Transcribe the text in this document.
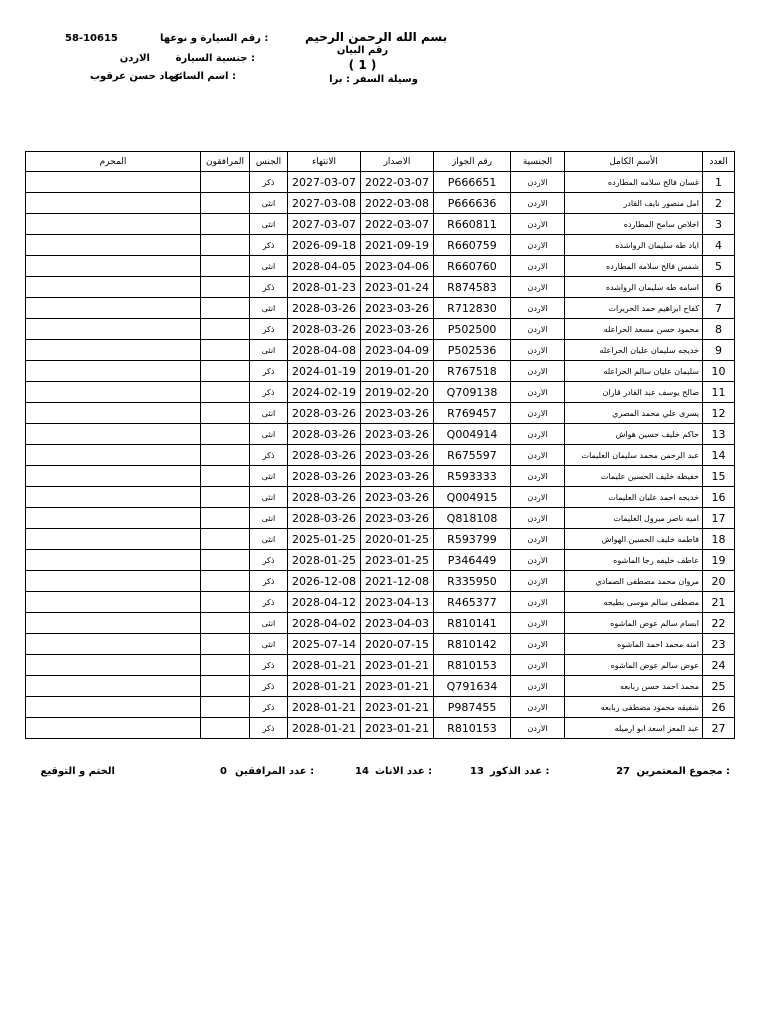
بسم الله الرحمن الرحيم
رقم البيان
( 1 )
وسيلة السفر : برا
رقم السيارة و نوعها :
58-10615
جنسية السيارة :
الاردن
اسم السائق :
عماد حسن عرقوب
المحرم	المرافقون	الجنس	الانتهاء	الاصدار	رقم الجواز	الجنسية	الأسم الكامل	العدد
		ذكر	2027-03-07	2022-03-07	P666651	الاردن	غسان فالح سلامه المطارده	1
		انثى	2027-03-08	2022-03-08	P666636	الاردن	امل منصور نايف القادر	2
		انثى	2027-03-07	2022-03-07	R660811	الاردن	اخلاص سامح المطارده	3
		ذكر	2026-09-18	2021-09-19	R660759	الاردن	اياد طه سليمان الرواشده	4
		انثى	2028-04-05	2023-04-06	R660760	الاردن	شمس فالح سلامه المطارده	5
		ذكر	2028-01-23	2023-01-24	R874583	الاردن	اسامه طه سليمان الرواشده	6
		انثى	2028-03-26	2023-03-26	R712830	الاردن	كفاح ابراهيم حمد الحريرات	7
		ذكر	2028-03-26	2023-03-26	P502500	الاردن	محمود حسن مسعد الحراعله	8
		انثى	2028-04-08	2023-04-09	P502536	الاردن	خديجه سليمان عليان الحراعله	9
		ذكر	2024-01-19	2019-01-20	R767518	الاردن	سليمان عليان سالم الحراعله	10
		ذكر	2024-02-19	2019-02-20	Q709138	الاردن	صالح يوسف عبد القادر قاران	11
		انثى	2028-03-26	2023-03-26	R769457	الاردن	يسرى علي محمد المصري	12
		انثى	2028-03-26	2023-03-26	Q004914	الاردن	حاكم خليف حسين هواش	13
		ذكر	2028-03-26	2023-03-26	R675597	الاردن	عبد الرحمن محمد سليمان العليمات	14
		انثى	2028-03-26	2023-03-26	R593333	الاردن	حفيظه خليف الحسين عليمات	15
		انثى	2028-03-26	2023-03-26	Q004915	الاردن	خديجه احمد عليان العليمات	16
		انثى	2028-03-26	2023-03-26	Q818108	الاردن	اميه ناصر مبرول العليمات	17
		انثى	2025-01-25	2020-01-25	R593799	الاردن	فاطمه خليف الحسين الهواش	18
		ذكر	2028-01-25	2023-01-25	P346449	الاردن	عاطف خليفه رجا الماشوه	19
		ذكر	2026-12-08	2021-12-08	R335950	الاردن	مروان محمد مصطفى الصمادي	20
		ذكر	2028-04-12	2023-04-13	R465377	الاردن	مصطفى سالم موسى بطيحه	21
		انثى	2028-04-02	2023-04-03	R810141	الاردن	ابسام سالم عوض الماشوه	22
		انثى	2025-07-14	2020-07-15	R810142	الاردن	امنه محمد احمد الماشوه	23
		ذكر	2028-01-21	2023-01-21	R810153	الاردن	عوض سالم عوض الماشوه	24
		ذكر	2028-01-21	2023-01-21	Q791634	الاردن	محمد احمد حسن ربابعه	25
		ذكر	2028-01-21	2023-01-21	P987455	الاردن	شفيقه محمود مصطفى ربابعه	26
		ذكر	2028-01-21	2023-01-21	R810153	الاردن	عبد المعز اسعد ابو ارميله	27
مجموع المعتمرين :
27
عدد الذكور :
13
عدد الاناث :
14
عدد المرافقين :
0
الختم و التوقيع
